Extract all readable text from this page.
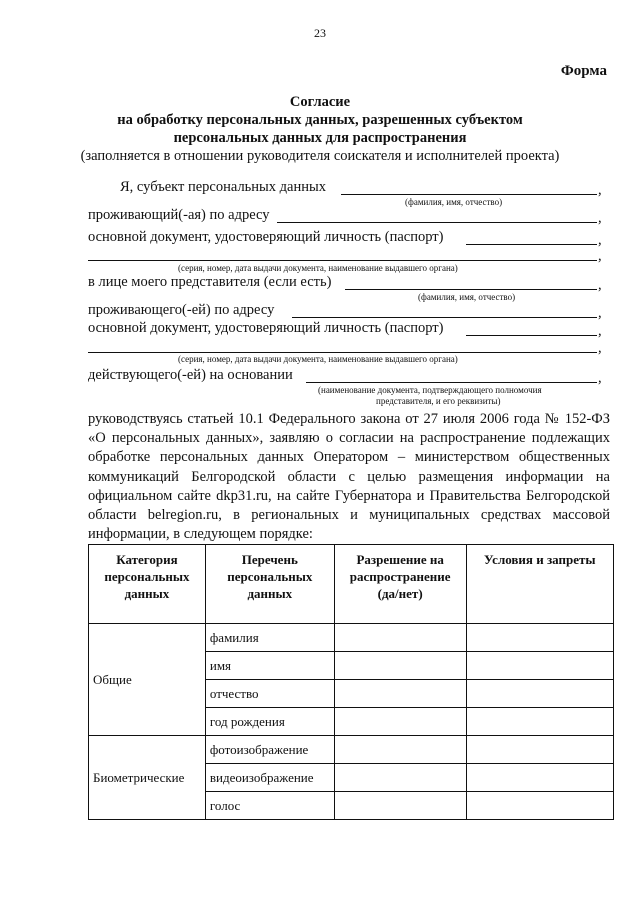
23
Форма
Согласие
на обработку персональных данных, разрешенных субъектом
персональных данных для распространения
(заполняется в отношении руководителя соискателя и исполнителей проекта)
Я, субъект персональных данных	,
(фамилия, имя, отчество)
проживающий(-ая) по адресу	,
основной документ, удостоверяющий личность (паспорт)	,
,
(серия, номер, дата выдачи документа, наименование выдавшего органа)
в лице моего представителя (если есть)	,
(фамилия, имя, отчество)
проживающего(-ей) по адресу	,
основной документ, удостоверяющий личность (паспорт)	,
,
(серия, номер, дата выдачи документа, наименование выдавшего органа)
действующего(-ей) на основании	,
(наименование документа, подтверждающего полномочия
представителя, и его реквизиты)
руководствуясь статьей 10.1 Федерального закона от 27 июля 2006 года № 152-ФЗ «О персональных данных», заявляю о согласии на распространение подлежащих обработке персональных данных Оператором – министерством общественных коммуникаций Белгородской области с целью размещения информации на официальном сайте dkp31.ru, на сайте Губернатора и Правительства Белгородской области belregion.ru, в региональных и муниципальных средствах массовой информации, в следующем порядке:
Категория персональных данных	Перечень персональных данных	Разрешение на распространение (да/нет)	Условия и запреты
Общие	фамилия		
	имя		
	отчество		
	год рождения		
Биометрические	фотоизображение		
	видеоизображение		
	голос		
